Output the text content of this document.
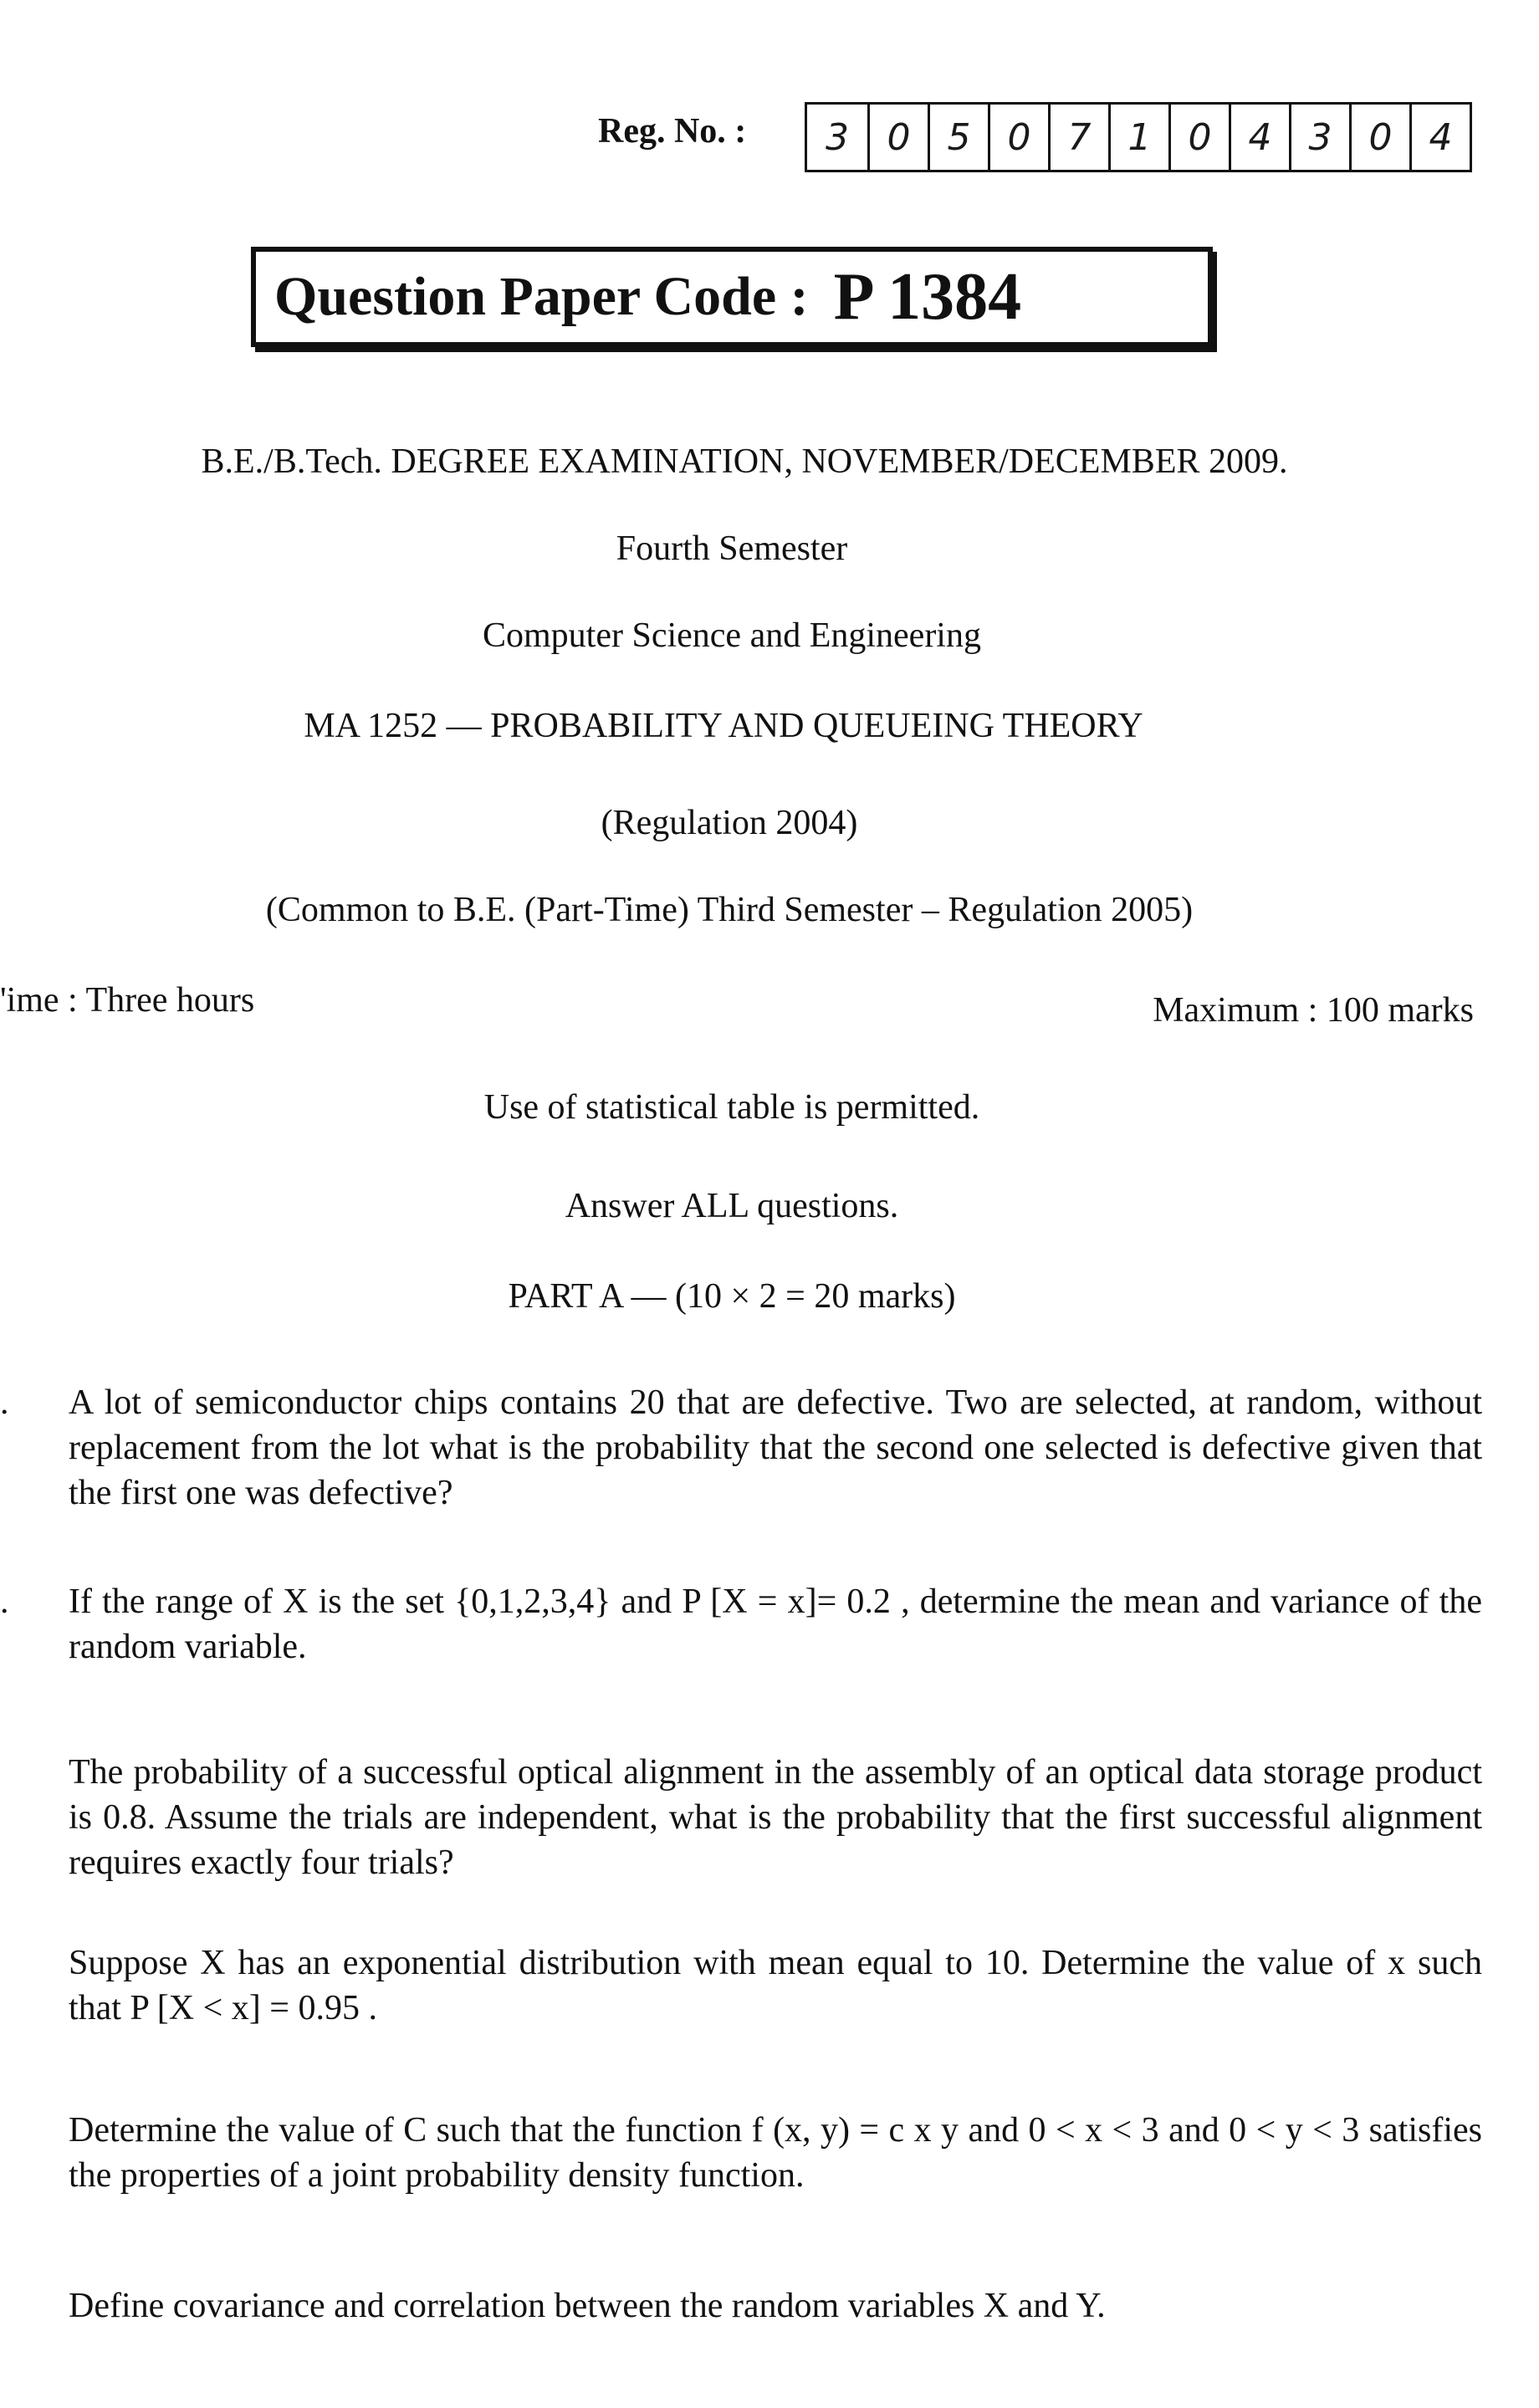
Reg. No. :	3	0	5	0	7	1	0	4	3	0	4
Question Paper Code : P 1384
B.E./B.Tech. DEGREE EXAMINATION, NOVEMBER/DECEMBER 2009.
Fourth Semester
Computer Science and Engineering
MA 1252 — PROBABILITY AND QUEUEING THEORY
(Regulation 2004)
(Common to B.E. (Part-Time) Third Semester – Regulation 2005)
'ime : Three hours	Maximum : 100 marks
Use of statistical table is permitted.
Answer ALL questions.
PART A — (10 × 2 = 20 marks)
. A lot of semiconductor chips contains 20 that are defective. Two are selected, at random, without replacement from the lot what is the probability that the second one selected is defective given that the first one was defective?
. If the range of X is the set {0,1,2,3,4} and P [X = x]= 0.2 , determine the mean and variance of the random variable.
The probability of a successful optical alignment in the assembly of an optical data storage product is 0.8. Assume the trials are independent, what is the probability that the first successful alignment requires exactly four trials?
Suppose X has an exponential distribution with mean equal to 10. Determine the value of x such that P [X < x] = 0.95 .
Determine the value of C such that the function f (x, y) = c x y and 0 < x < 3 and 0 < y < 3 satisfies the properties of a joint probability density function.
Define covariance and correlation between the random variables X and Y.
